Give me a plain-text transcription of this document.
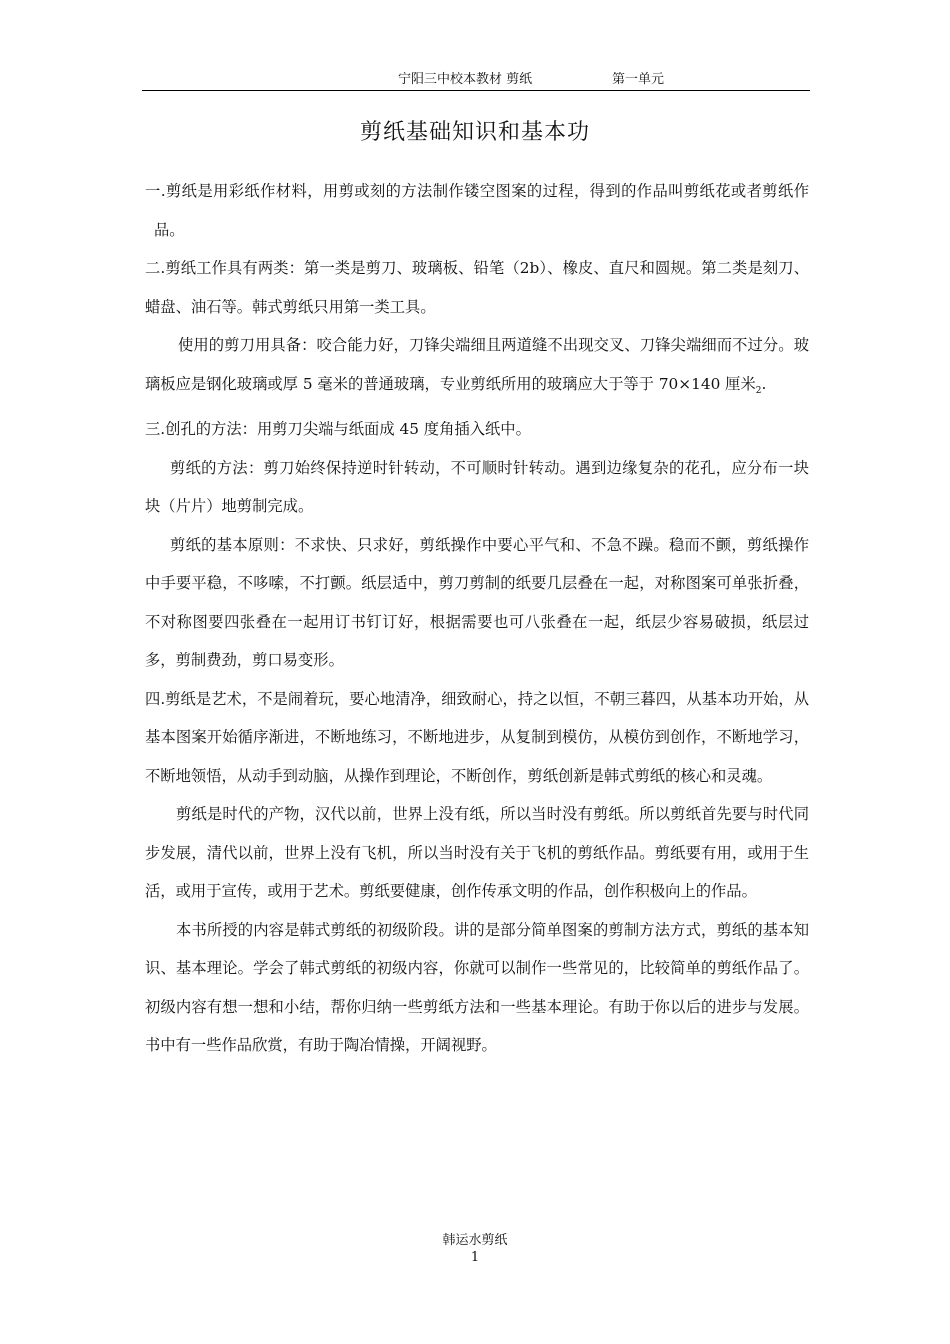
宁阳三中校本教材 剪纸	第一单元
剪纸基础知识和基本功

一.剪纸是用彩纸作材料，用剪或刻的方法制作镂空图案的过程，得到的作品叫剪纸花或者剪纸作品。

二.剪纸工作具有两类：第一类是剪刀、玻璃板、铅笔（2b）、橡皮、直尺和圆规。第二类是刻刀、蜡盘、油石等。韩式剪纸只用第一类工具。

使用的剪刀用具备：咬合能力好，刀锋尖端细且两道缝不出现交叉、刀锋尖端细而不过分。玻璃板应是钢化玻璃或厚 5 毫米的普通玻璃，专业剪纸所用的玻璃应大于等于 70×140 厘米$_2$.

三.创孔的方法：用剪刀尖端与纸面成 45 度角插入纸中。

剪纸的方法：剪刀始终保持逆时针转动，不可顺时针转动。遇到边缘复杂的花孔，应分布一块块（片片）地剪制完成。

剪纸的基本原则：不求快、只求好，剪纸操作中要心平气和、不急不躁。稳而不颤，剪纸操作中手要平稳，不哆嗦，不打颤。纸层适中，剪刀剪制的纸要几层叠在一起，对称图案可单张折叠，不对称图要四张叠在一起用订书钉订好，根据需要也可八张叠在一起，纸层少容易破损，纸层过多，剪制费劲，剪口易变形。

四.剪纸是艺术，不是闹着玩，要心地清净，细致耐心，持之以恒，不朝三暮四，从基本功开始，从基本图案开始循序渐进，不断地练习，不断地进步，从复制到模仿，从模仿到创作，不断地学习，不断地领悟，从动手到动脑，从操作到理论，不断创作，剪纸创新是韩式剪纸的核心和灵魂。

剪纸是时代的产物，汉代以前，世界上没有纸，所以当时没有剪纸。所以剪纸首先要与时代同步发展，清代以前，世界上没有飞机，所以当时没有关于飞机的剪纸作品。剪纸要有用，或用于生活，或用于宣传，或用于艺术。剪纸要健康，创作传承文明的作品，创作积极向上的作品。

本书所授的内容是韩式剪纸的初级阶段。讲的是部分简单图案的剪制方法方式，剪纸的基本知识、基本理论。学会了韩式剪纸的初级内容，你就可以制作一些常见的，比较简单的剪纸作品了。初级内容有想一想和小结，帮你归纳一些剪纸方法和一些基本理论。有助于你以后的进步与发展。书中有一些作品欣赏，有助于陶冶情操，开阔视野。

韩运水剪纸
1
